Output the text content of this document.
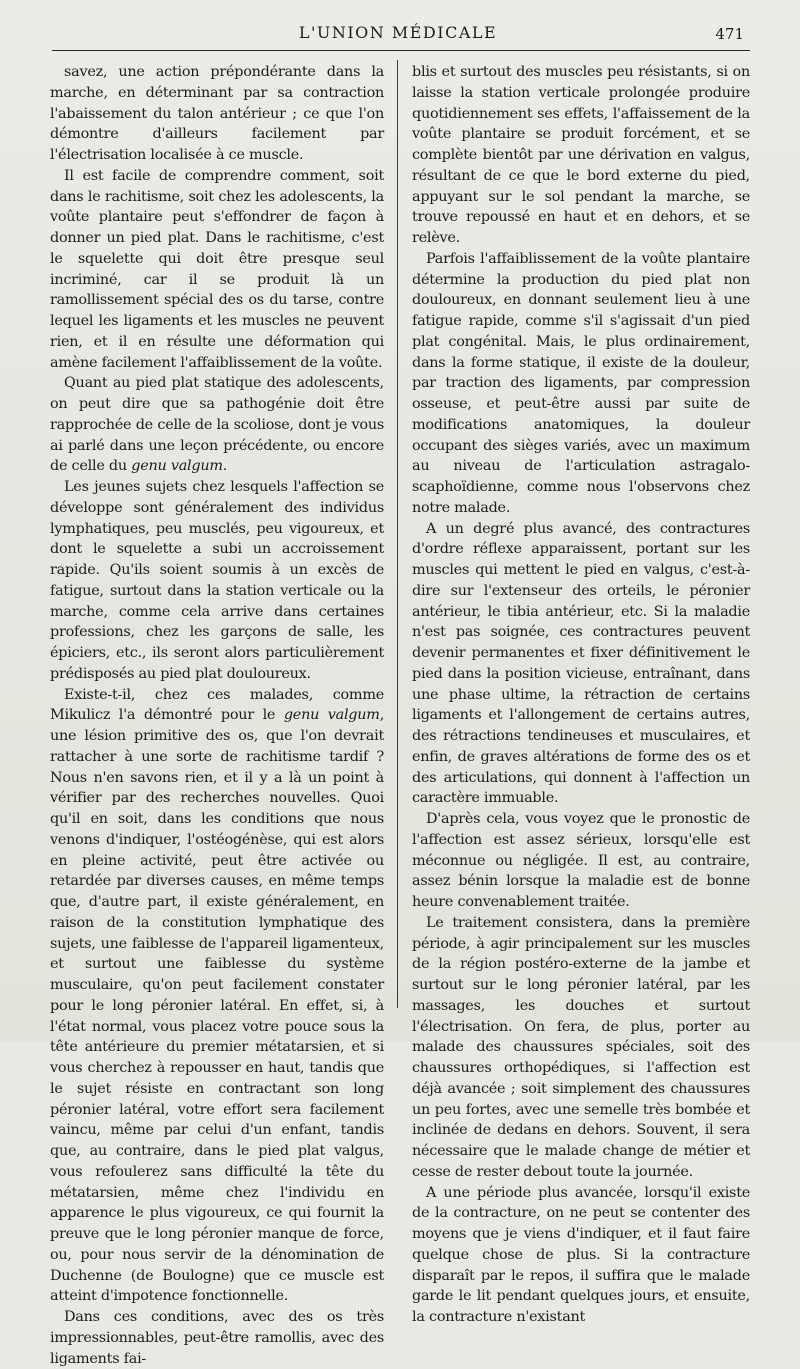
L'UNION MÉDICALE	471

savez, une action prépondérante dans la marche, en déterminant par sa contraction l'abaissement du talon antérieur ; ce que l'on démontre d'ailleurs facilement par l'électrisation localisée à ce muscle.

Il est facile de comprendre comment, soit dans le rachitisme, soit chez les adolescents, la voûte plantaire peut s'effondrer de façon à donner un pied plat. Dans le rachitisme, c'est le squelette qui doit être presque seul incriminé, car il se produit là un ramollissement spécial des os du tarse, contre lequel les ligaments et les muscles ne peuvent rien, et il en résulte une déformation qui amène facilement l'affaiblissement de la voûte.

Quant au pied plat statique des adolescents, on peut dire que sa pathogénie doit être rapprochée de celle de la scoliose, dont je vous ai parlé dans une leçon précédente, ou encore de celle du genu valgum.

Les jeunes sujets chez lesquels l'affection se développe sont généralement des individus lymphatiques, peu musclés, peu vigoureux, et dont le squelette a subi un accroissement rapide. Qu'ils soient soumis à un excès de fatigue, surtout dans la station verticale ou la marche, comme cela arrive dans certaines professions, chez les garçons de salle, les épiciers, etc., ils seront alors particulièrement prédisposés au pied plat douloureux.

Existe-t-il, chez ces malades, comme Mikulicz l'a démontré pour le genu valgum, une lésion primitive des os, que l'on devrait rattacher à une sorte de rachitisme tardif ? Nous n'en savons rien, et il y a là un point à vérifier par des recherches nouvelles. Quoi qu'il en soit, dans les conditions que nous venons d'indiquer, l'ostéogénèse, qui est alors en pleine activité, peut être activée ou retardée par diverses causes, en même temps que, d'autre part, il existe généralement, en raison de la constitution lymphatique des sujets, une faiblesse de l'appareil ligamenteux, et surtout une faiblesse du système musculaire, qu'on peut facilement constater pour le long péronier latéral. En effet, si, à l'état normal, vous placez votre pouce sous la tête antérieure du premier métatarsien, et si vous cherchez à repousser en haut, tandis que le sujet résiste en contractant son long péronier latéral, votre effort sera facilement vaincu, même par celui d'un enfant, tandis que, au contraire, dans le pied plat valgus, vous refoulerez sans difficulté la tête du métatarsien, même chez l'individu en apparence le plus vigoureux, ce qui fournit la preuve que le long péronier manque de force, ou, pour nous servir de la dénomination de Duchenne (de Boulogne) que ce muscle est atteint d'impotence fonctionnelle.

Dans ces conditions, avec des os très impressionnables, peut-être ramollis, avec des ligaments fai-

blis et surtout des muscles peu résistants, si on laisse la station verticale prolongée produire quotidiennement ses effets, l'affaissement de la voûte plantaire se produit forcément, et se complète bientôt par une dérivation en valgus, résultant de ce que le bord externe du pied, appuyant sur le sol pendant la marche, se trouve repoussé en haut et en dehors, et se relève.

Parfois l'affaiblissement de la voûte plantaire détermine la production du pied plat non douloureux, en donnant seulement lieu à une fatigue rapide, comme s'il s'agissait d'un pied plat congénital. Mais, le plus ordinairement, dans la forme statique, il existe de la douleur, par traction des ligaments, par compression osseuse, et peut-être aussi par suite de modifications anatomiques, la douleur occupant des sièges variés, avec un maximum au niveau de l'articulation astragalo-scaphoïdienne, comme nous l'observons chez notre malade.

A un degré plus avancé, des contractures d'ordre réflexe apparaissent, portant sur les muscles qui mettent le pied en valgus, c'est-à-dire sur l'extenseur des orteils, le péronier antérieur, le tibia antérieur, etc. Si la maladie n'est pas soignée, ces contractures peuvent devenir permanentes et fixer définitivement le pied dans la position vicieuse, entraînant, dans une phase ultime, la rétraction de certains ligaments et l'allongement de certains autres, des rétractions tendineuses et musculaires, et enfin, de graves altérations de forme des os et des articulations, qui donnent à l'affection un caractère immuable.

D'après cela, vous voyez que le pronostic de l'affection est assez sérieux, lorsqu'elle est méconnue ou négligée. Il est, au contraire, assez bénin lorsque la maladie est de bonne heure convenablement traitée.

Le traitement consistera, dans la première période, à agir principalement sur les muscles de la région postéro-externe de la jambe et surtout sur le long péronier latéral, par les massages, les douches et surtout l'électrisation. On fera, de plus, porter au malade des chaussures spéciales, soit des chaussures orthopédiques, si l'affection est déjà avancée ; soit simplement des chaussures un peu fortes, avec une semelle très bombée et inclinée de dedans en dehors. Souvent, il sera nécessaire que le malade change de métier et cesse de rester debout toute la journée.

A une période plus avancée, lorsqu'il existe de la contracture, on ne peut se contenter des moyens que je viens d'indiquer, et il faut faire quelque chose de plus. Si la contracture disparaît par le repos, il suffira que le malade garde le lit pendant quelques jours, et ensuite, la contracture n'existant
